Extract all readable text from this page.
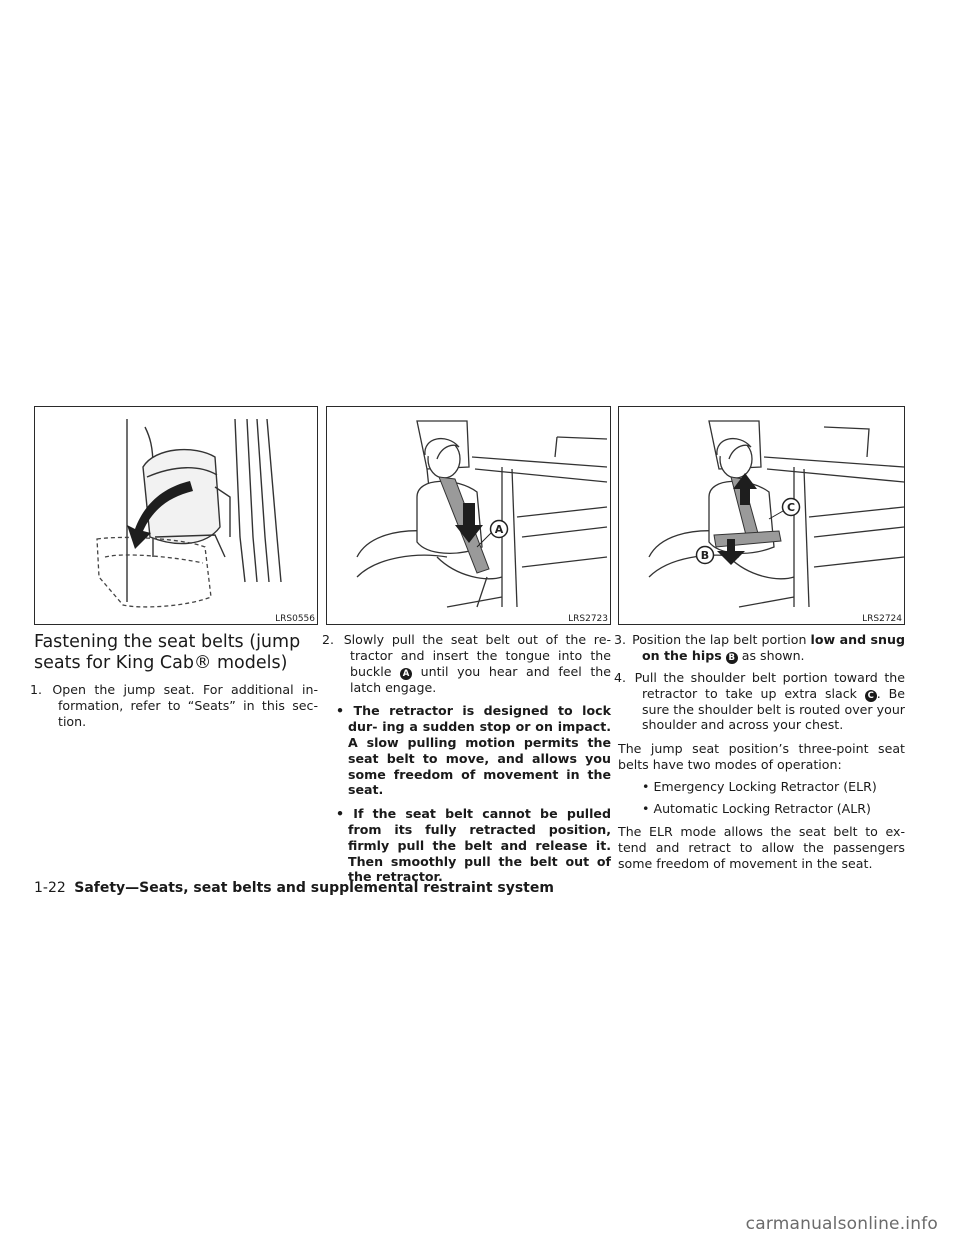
LRS0556
A
LRS2723
B
C
LRS2724
Fastening the seat belts (jump
seats for King Cab® models)
1. Open the jump seat. For additional in- formation, refer to “Seats” in this sec- tion.
2. Slowly pull the seat belt out of the re- tractor and insert the tongue into the buckle A until you hear and feel the latch engage.
• The retractor is designed to lock dur- ing a sudden stop or on impact. A slow pulling motion permits the seat belt to move, and allows you some freedom of movement in the seat.
• If the seat belt cannot be pulled from its fully retracted position, firmly pull the belt and release it. Then smoothly pull the belt out of the retractor.
3. Position the lap belt portion low and snug on the hips B as shown.
4. Pull the shoulder belt portion toward the retractor to take up extra slack C . Be sure the shoulder belt is routed over your shoulder and across your chest.
The jump seat position’s three-point seat belts have two modes of operation:
• Emergency Locking Retractor (ELR)
• Automatic Locking Retractor (ALR)
The ELR mode allows the seat belt to ex- tend and retract to allow the passengers some freedom of movement in the seat.
1-22 Safety—Seats, seat belts and supplemental restraint system
carmanualsonline.info
